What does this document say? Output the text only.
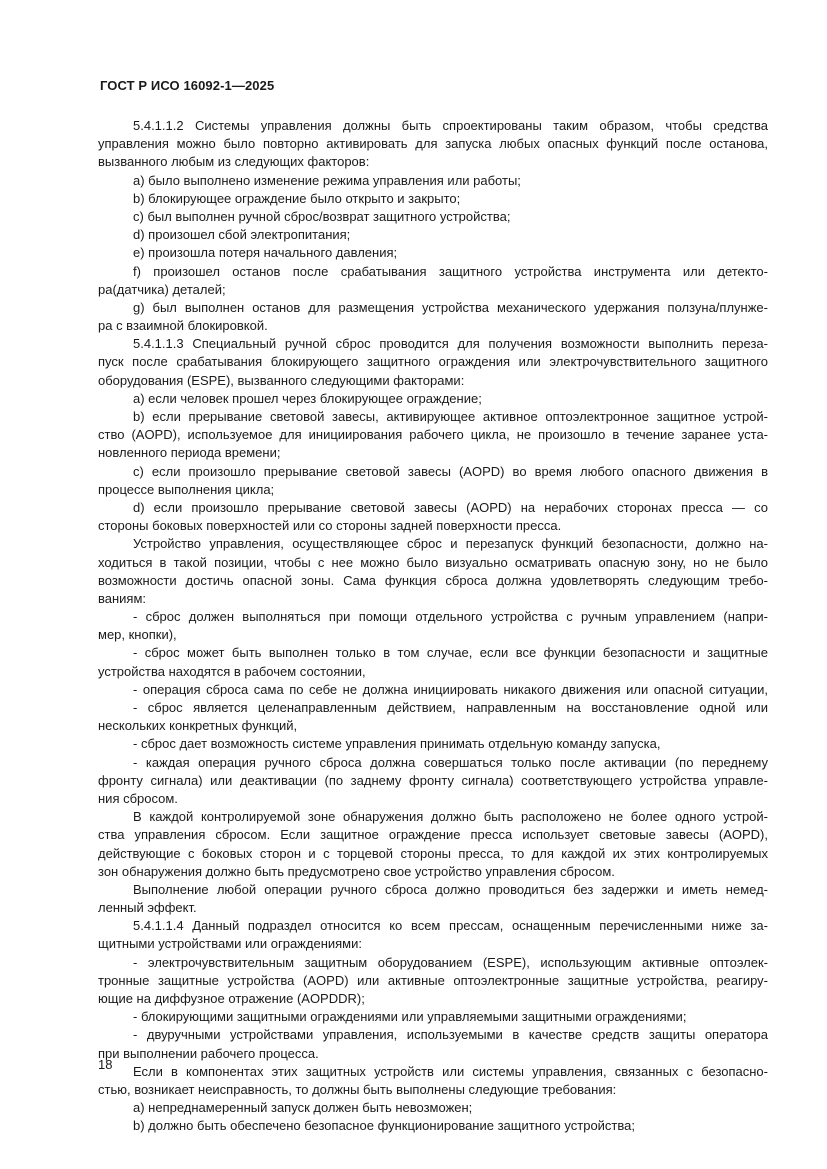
ГОСТ Р ИСО 16092-1—2025
5.4.1.1.2 Системы управления должны быть спроектированы таким образом, чтобы средства
управления можно было повторно активировать для запуска любых опасных функций после останова,
вызванного любым из следующих факторов:
a) было выполнено изменение режима управления или работы;
b) блокирующее ограждение было открыто и закрыто;
c) был выполнен ручной сброс/возврат защитного устройства;
d) произошел сбой электропитания;
e) произошла потеря начального давления;
f) произошел останов после срабатывания защитного устройства инструмента или детекто-
ра(датчика) деталей;
g) был выполнен останов для размещения устройства механического удержания ползуна/плунже-
ра с взаимной блокировкой.
5.4.1.1.3 Специальный ручной сброс проводится для получения возможности выполнить переза-
пуск после срабатывания блокирующего защитного ограждения или электрочувствительного защитного
оборудования (ESPE), вызванного следующими факторами:
a) если человек прошел через блокирующее ограждение;
b) если прерывание световой завесы, активирующее активное оптоэлектронное защитное устрой-
ство (AOPD), используемое для инициирования рабочего цикла, не произошло в течение заранее уста-
новленного периода времени;
c) если произошло прерывание световой завесы (AOPD) во время любого опасного движения в
процессе выполнения цикла;
d) если произошло прерывание световой завесы (AOPD) на нерабочих сторонах пресса — со
стороны боковых поверхностей или со стороны задней поверхности пресса.
Устройство управления, осуществляющее сброс и перезапуск функций безопасности, должно на-
ходиться в такой позиции, чтобы с нее можно было визуально осматривать опасную зону, но не было
возможности достичь опасной зоны. Сама функция сброса должна удовлетворять следующим требо-
ваниям:
- сброс должен выполняться при помощи отдельного устройства с ручным управлением (напри-
мер, кнопки),
- сброс может быть выполнен только в том случае, если все функции безопасности и защитные
устройства находятся в рабочем состоянии,
- операция сброса сама по себе не должна инициировать никакого движения или опасной ситуации,
- сброс является целенаправленным действием, направленным на восстановление одной или
нескольких конкретных функций,
- сброс дает возможность системе управления принимать отдельную команду запуска,
- каждая операция ручного сброса должна совершаться только после активации (по переднему
фронту сигнала) или деактивации (по заднему фронту сигнала) соответствующего устройства управле-
ния сбросом.
В каждой контролируемой зоне обнаружения должно быть расположено не более одного устрой-
ства управления сбросом. Если защитное ограждение пресса использует световые завесы (AOPD),
действующие с боковых сторон и с торцевой стороны пресса, то для каждой их этих контролируемых
зон обнаружения должно быть предусмотрено свое устройство управления сбросом.
Выполнение любой операции ручного сброса должно проводиться без задержки и иметь немед-
ленный эффект.
5.4.1.1.4 Данный подраздел относится ко всем прессам, оснащенным перечисленными ниже за-
щитными устройствами или ограждениями:
- электрочувствительным защитным оборудованием (ESPE), использующим активные оптоэлек-
тронные защитные устройства (AOPD) или активные оптоэлектронные защитные устройства, реагиру-
ющие на диффузное отражение (AOPDDR);
- блокирующими защитными ограждениями или управляемыми защитными ограждениями;
- двуручными устройствами управления, используемыми в качестве средств защиты оператора
при выполнении рабочего процесса.
Если в компонентах этих защитных устройств или системы управления, связанных с безопасно-
стью, возникает неисправность, то должны быть выполнены следующие требования:
a) непреднамеренный запуск должен быть невозможен;
b) должно быть обеспечено безопасное функционирование защитного устройства;
18
